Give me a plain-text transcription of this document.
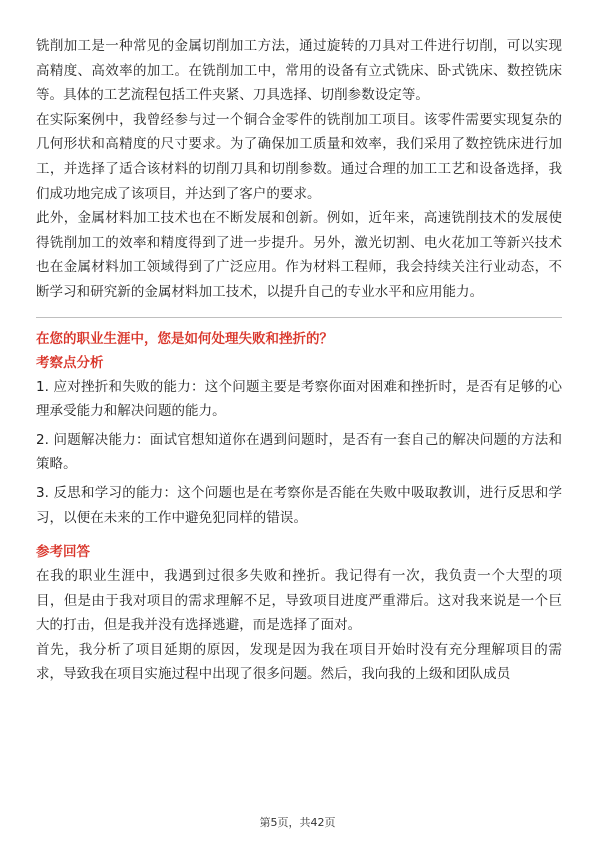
铣削加工是一种常见的金属切削加工方法，通过旋转的刀具对工件进行切削，可以实现高精度、高效率的加工。在铣削加工中，常用的设备有立式铣床、卧式铣床、数控铣床等。具体的工艺流程包括工件夹紧、刀具选择、切削参数设定等。

在实际案例中，我曾经参与过一个铜合金零件的铣削加工项目。该零件需要实现复杂的几何形状和高精度的尺寸要求。为了确保加工质量和效率，我们采用了数控铣床进行加工，并选择了适合该材料的切削刀具和切削参数。通过合理的加工工艺和设备选择，我们成功地完成了该项目，并达到了客户的要求。

此外，金属材料加工技术也在不断发展和创新。例如，近年来，高速铣削技术的发展使得铣削加工的效率和精度得到了进一步提升。另外，激光切割、电火花加工等新兴技术也在金属材料加工领域得到了广泛应用。作为材料工程师，我会持续关注行业动态，不断学习和研究新的金属材料加工技术，以提升自己的专业水平和应用能力。

在您的职业生涯中，您是如何处理失败和挫折的？

考察点分析

1. 应对挫折和失败的能力：这个问题主要是考察你面对困难和挫折时，是否有足够的心理承受能力和解决问题的能力。

2. 问题解决能力：面试官想知道你在遇到问题时，是否有一套自己的解决问题的方法和策略。

3. 反思和学习的能力：这个问题也是在考察你是否能在失败中吸取教训，进行反思和学习，以便在未来的工作中避免犯同样的错误。

参考回答

在我的职业生涯中，我遇到过很多失败和挫折。我记得有一次，我负责一个大型的项目，但是由于我对项目的需求理解不足，导致项目进度严重滞后。这对我来说是一个巨大的打击，但是我并没有选择逃避，而是选择了面对。

首先，我分析了项目延期的原因，发现是因为我在项目开始时没有充分理解项目的需求，导致我在项目实施过程中出现了很多问题。然后，我向我的上级和团队成员

第5页，共42页
